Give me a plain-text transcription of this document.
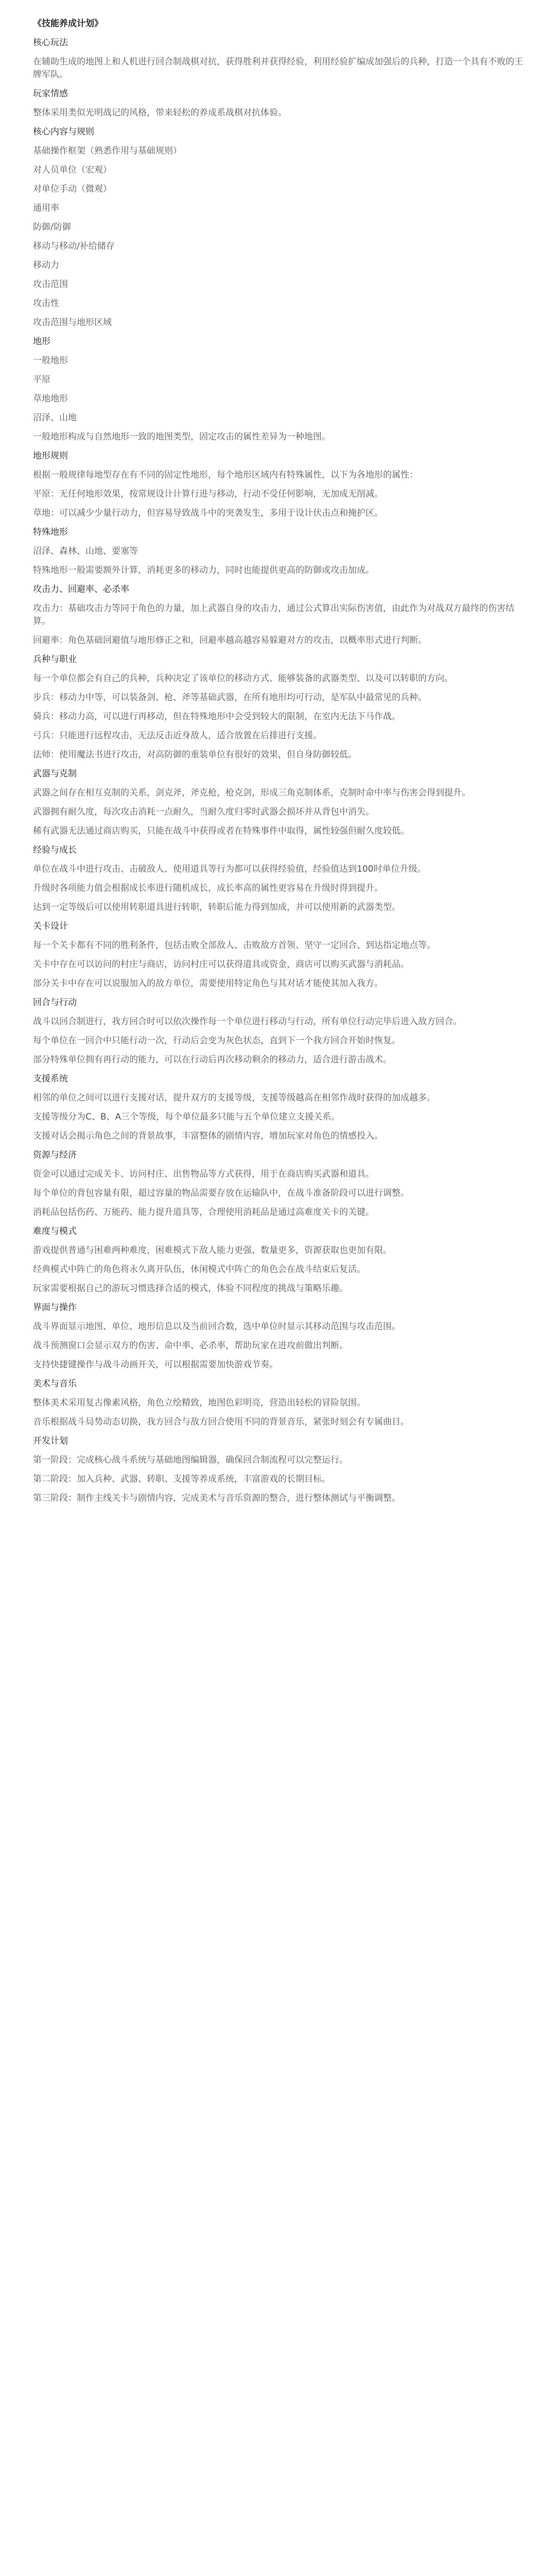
《技能养成计划》
核心玩法
在辅助生成的地图上和人机进行回合制战棋对抗，获得胜利并获得经验，利用经验扩编成加强后的兵种，打造一个具有不败的王牌军队。
玩家情感
整体采用类似光明战记的风格，带来轻松的养成系战棋对抗体验。
核心内容与规则
基础操作框架（熟悉作用与基础规则）
对人员单位（宏观）
对单位手动（微观）
通用率
防御/防御
移动与移动/补给储存
移动力
攻击范围
攻击性
攻击范围与地形区域
地形
一般地形
平原
草地地形
沼泽、山地
一般地形构成与自然地形一致的地图类型，固定攻击的属性差异为一种地图。
地形规则
根据一般规律每地型存在有不同的固定性地形，每个地形区域内有特殊属性，以下为各地形的属性：
平原：无任何地形效果，按常规设计计算行进与移动，行动不受任何影响，无加成无削减。
草地：可以减少少量行动力，但容易导致战斗中的突袭发生，多用于设计伏击点和掩护区。
特殊地形
沼泽、森林、山地、要塞等
特殊地形一般需要额外计算，消耗更多的移动力，同时也能提供更高的防御或攻击加成。
攻击力、回避率、必杀率
攻击力：基础攻击力等同于角色的力量，加上武器自身的攻击力，通过公式算出实际伤害值，由此作为对战双方最终的伤害结算。
回避率：角色基础回避值与地形修正之和，回避率越高越容易躲避对方的攻击，以概率形式进行判断。
兵种与职业
每一个单位都会有自己的兵种，兵种决定了该单位的移动方式、能够装备的武器类型、以及可以转职的方向。
步兵：移动力中等，可以装备剑、枪、斧等基础武器，在所有地形均可行动，是军队中最常见的兵种。
骑兵：移动力高，可以进行再移动，但在特殊地形中会受到较大的限制，在室内无法下马作战。
弓兵：只能进行远程攻击，无法反击近身敌人，适合放置在后排进行支援。
法师：使用魔法书进行攻击，对高防御的重装单位有很好的效果，但自身防御较低。
武器与克制
武器之间存在相互克制的关系，剑克斧，斧克枪，枪克剑，形成三角克制体系，克制时命中率与伤害会得到提升。
武器拥有耐久度，每次攻击消耗一点耐久，当耐久度归零时武器会损坏并从背包中消失。
稀有武器无法通过商店购买，只能在战斗中获得或者在特殊事件中取得，属性较强但耐久度较低。
经验与成长
单位在战斗中进行攻击、击破敌人、使用道具等行为都可以获得经验值，经验值达到100时单位升级。
升级时各项能力值会根据成长率进行随机成长，成长率高的属性更容易在升级时得到提升。
达到一定等级后可以使用转职道具进行转职，转职后能力得到加成，并可以使用新的武器类型。
关卡设计
每一个关卡都有不同的胜利条件，包括击败全部敌人、击败敌方首领、坚守一定回合、到达指定地点等。
关卡中存在可以访问的村庄与商店，访问村庄可以获得道具或资金，商店可以购买武器与消耗品。
部分关卡中存在可以说服加入的敌方单位，需要使用特定角色与其对话才能使其加入我方。
回合与行动
战斗以回合制进行，我方回合时可以依次操作每一个单位进行移动与行动，所有单位行动完毕后进入敌方回合。
每个单位在一回合中只能行动一次，行动后会变为灰色状态，直到下一个我方回合开始时恢复。
部分特殊单位拥有再行动的能力，可以在行动后再次移动剩余的移动力，适合进行游击战术。
支援系统
相邻的单位之间可以进行支援对话，提升双方的支援等级，支援等级越高在相邻作战时获得的加成越多。
支援等级分为C、B、A三个等级，每个单位最多只能与五个单位建立支援关系。
支援对话会揭示角色之间的背景故事，丰富整体的剧情内容，增加玩家对角色的情感投入。
资源与经济
资金可以通过完成关卡、访问村庄、出售物品等方式获得，用于在商店购买武器和道具。
每个单位的背包容量有限，超过容量的物品需要存放在运输队中，在战斗准备阶段可以进行调整。
消耗品包括伤药、万能药、能力提升道具等，合理使用消耗品是通过高难度关卡的关键。
难度与模式
游戏提供普通与困难两种难度，困难模式下敌人能力更强、数量更多，资源获取也更加有限。
经典模式中阵亡的角色将永久离开队伍，休闲模式中阵亡的角色会在战斗结束后复活。
玩家需要根据自己的游玩习惯选择合适的模式，体验不同程度的挑战与策略乐趣。
界面与操作
战斗界面显示地图、单位、地形信息以及当前回合数，选中单位时显示其移动范围与攻击范围。
战斗预测窗口会显示双方的伤害、命中率、必杀率，帮助玩家在进攻前做出判断。
支持快捷键操作与战斗动画开关，可以根据需要加快游戏节奏。
美术与音乐
整体美术采用复古像素风格，角色立绘精致，地图色彩明亮，营造出轻松的冒险氛围。
音乐根据战斗局势动态切换，我方回合与敌方回合使用不同的背景音乐，紧张时刻会有专属曲目。
开发计划
第一阶段：完成核心战斗系统与基础地图编辑器，确保回合制流程可以完整运行。
第二阶段：加入兵种、武器、转职、支援等养成系统，丰富游戏的长期目标。
第三阶段：制作主线关卡与剧情内容，完成美术与音乐资源的整合，进行整体测试与平衡调整。
